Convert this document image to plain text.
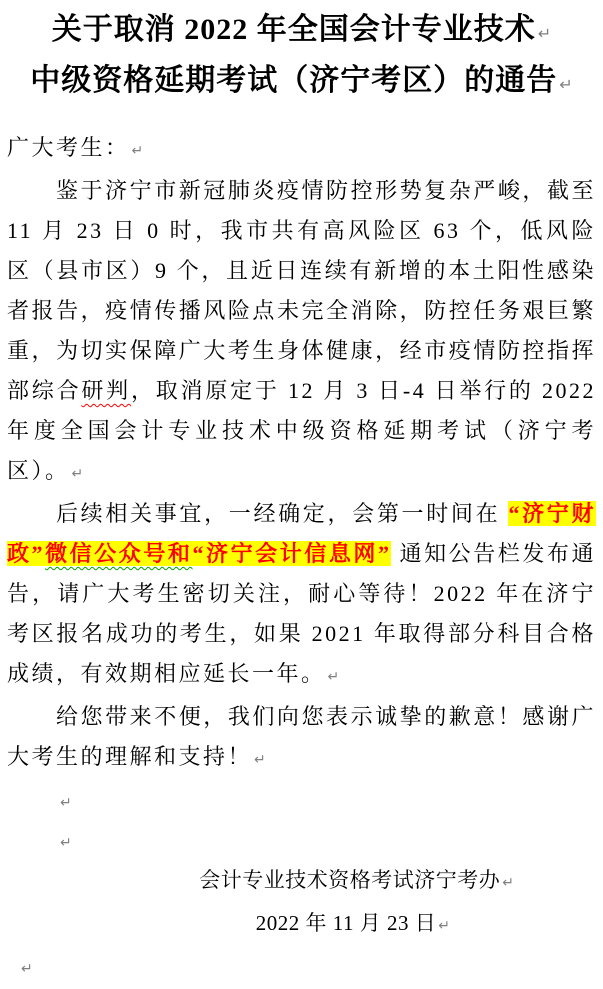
关于取消 2022 年全国会计专业技术 ↵
中级资格延期考试（济宁考区）的通告 ↵

广大考生： ↵

鉴于济宁市新冠肺炎疫情防控形势复杂严峻，截至 11 月 23 日 0 时，我市共有高风险区 63 个，低风险区（县市区）9 个，且近日连续有新增的本土阳性感染者报告，疫情传播风险点未完全消除，防控任务艰巨繁重，为切实保障广大考生身体健康，经市疫情防控指挥部综合研判，取消原定于 12 月 3 日-4 日举行的 2022 年度全国会计专业技术中级资格延期考试（济宁考区）。 ↵

后续相关事宜，一经确定，会第一时间在 “济宁财政”微信公众号和“济宁会计信息网” 通知公告栏发布通告，请广大考生密切关注，耐心等待！2022 年在济宁考区报名成功的考生，如果 2021 年取得部分科目合格成绩，有效期相应延长一年。 ↵

给您带来不便，我们向您表示诚挚的歉意！感谢广大考生的理解和支持！ ↵

↵

↵

会计专业技术资格考试济宁考办 ↵

2022 年 11 月 23 日 ↵

↵
